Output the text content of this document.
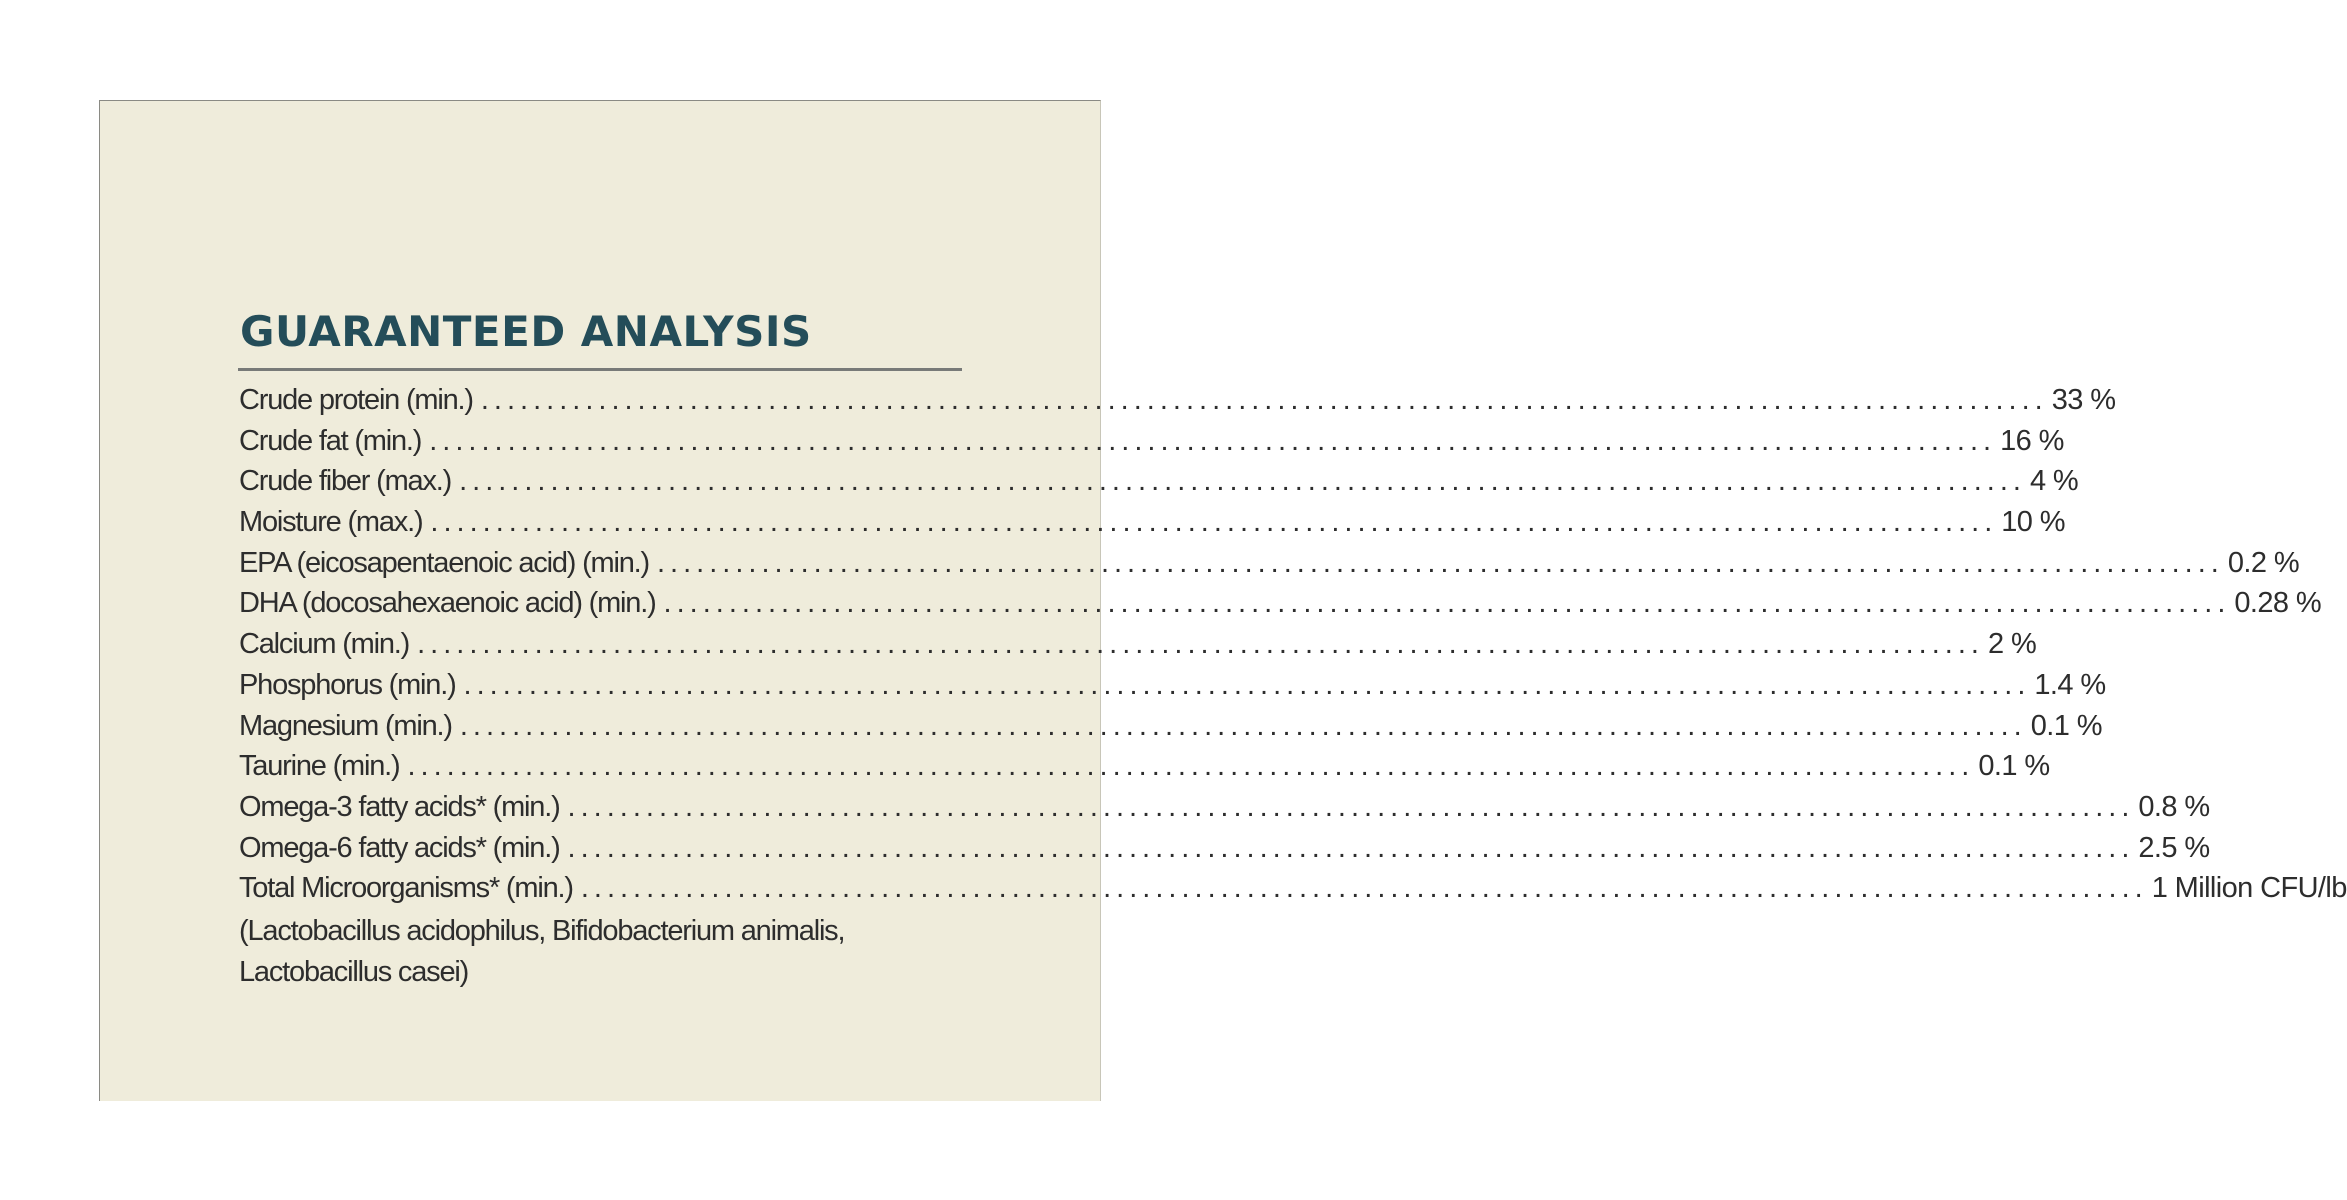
GUARANTEED ANALYSIS
Crude protein (min.) ........................................................................................................................ 33 %
Crude fat (min.) ........................................................................................................................ 16 %
Crude fiber (max.) ........................................................................................................................ 4 %
Moisture (max.) ........................................................................................................................ 10 %
EPA (eicosapentaenoic acid) (min.) ........................................................................................................................ 0.2 %
DHA (docosahexaenoic acid) (min.) ........................................................................................................................ 0.28 %
Calcium (min.) ........................................................................................................................ 2 %
Phosphorus (min.) ........................................................................................................................ 1.4 %
Magnesium (min.) ........................................................................................................................ 0.1 %
Taurine (min.) ........................................................................................................................ 0.1 %
Omega-3 fatty acids* (min.) ........................................................................................................................ 0.8 %
Omega-6 fatty acids* (min.) ........................................................................................................................ 2.5 %
Total Microorganisms* (min.) ........................................................................................................................ 1 Million CFU/lb

(Lactobacillus acidophilus, Bifidobacterium animalis,
Lactobacillus casei)
